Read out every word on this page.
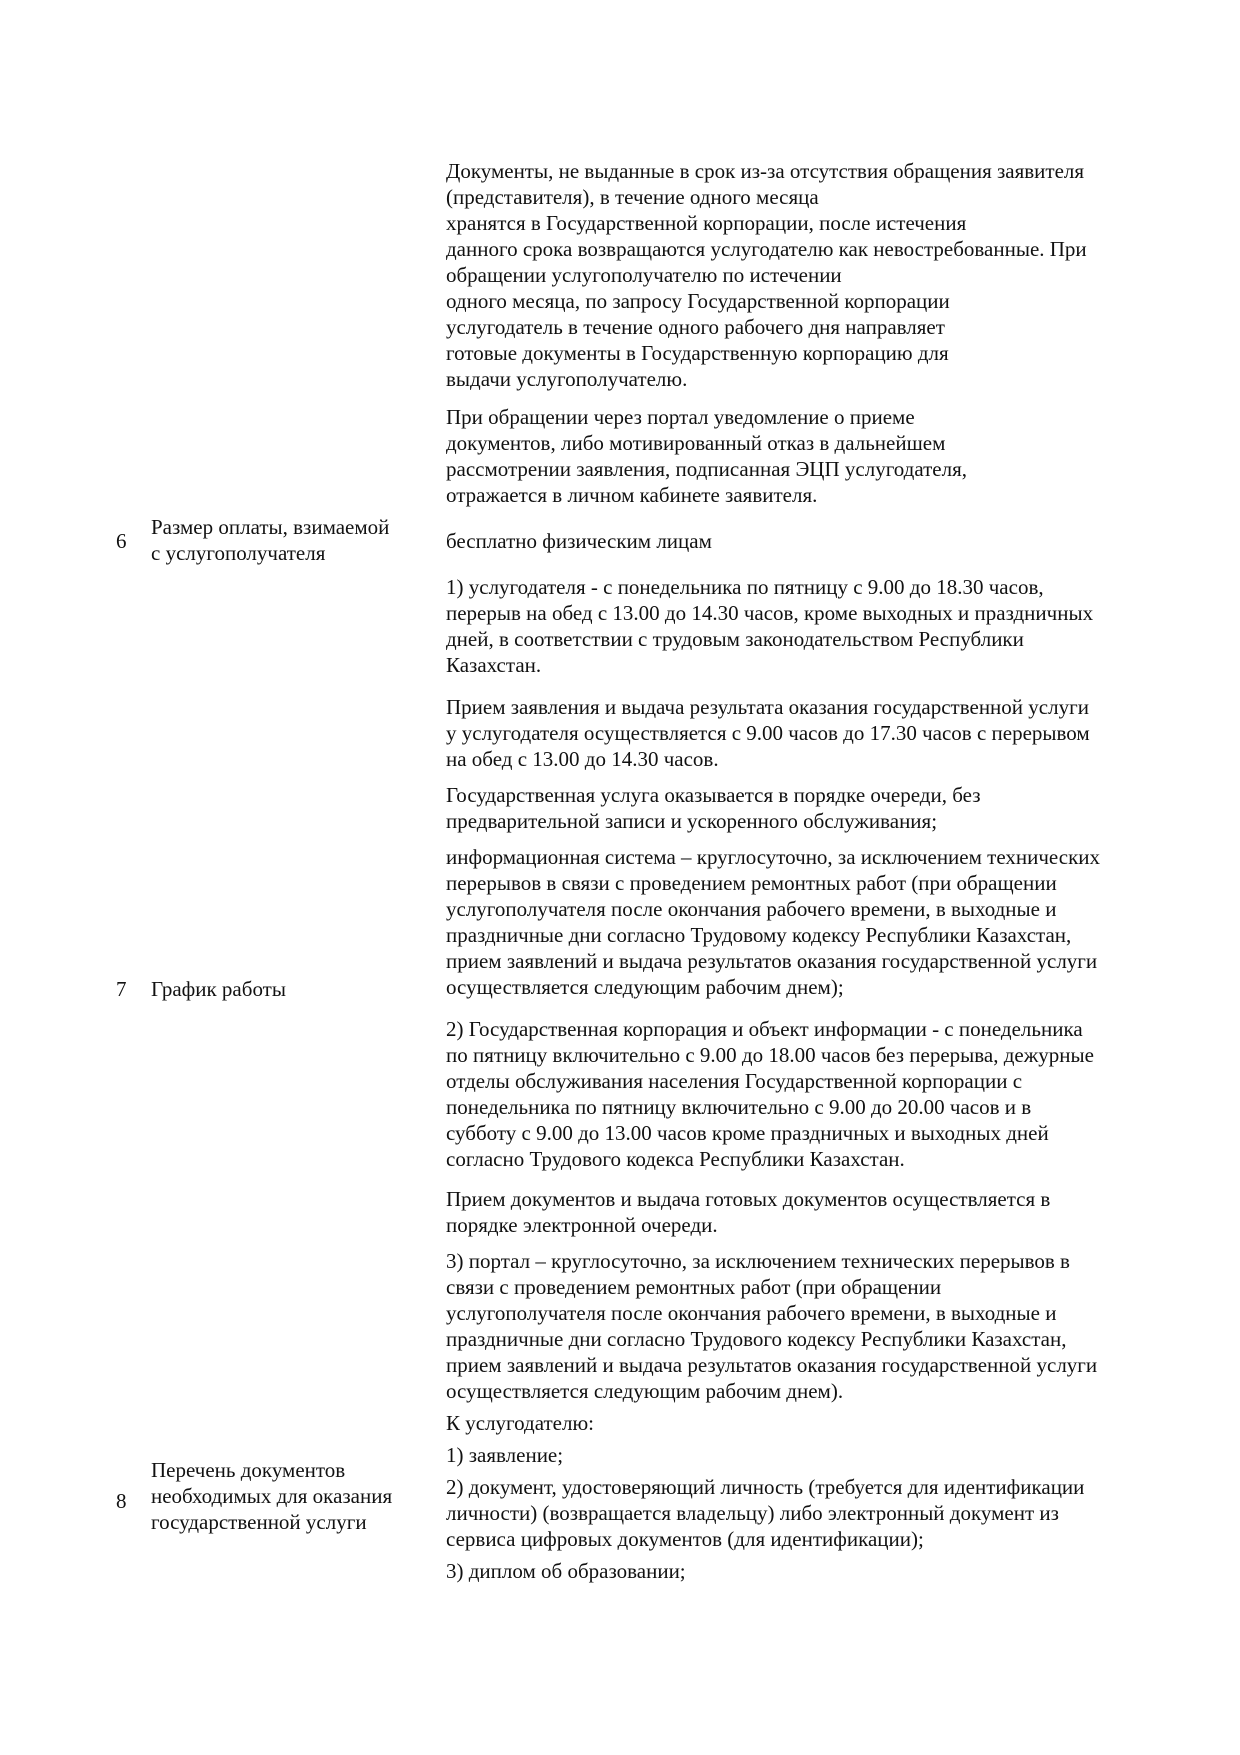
6
7
8
Размер оплаты, взимаемой
с услугополучателя
График работы
Перечень документов
необходимых для оказания
государственной услуги
Документы, не выданные в срок из-за отсутствия обращения заявителя
(представителя), в течение одного месяца
хранятся в Государственной корпорации, после истечения
данного срока возвращаются услугодателю как невостребованные. При
обращении услугополучателю по истечении
одного месяца, по запросу Государственной корпорации
услугодатель в течение одного рабочего дня направляет
готовые документы в Государственную корпорацию для
выдачи услугополучателю.
При обращении через портал уведомление о приеме
документов, либо мотивированный отказ в дальнейшем
рассмотрении заявления, подписанная ЭЦП услугодателя,
отражается в личном кабинете заявителя.
бесплатно физическим лицам
1) услугодателя - с понедельника по пятницу с 9.00 до 18.30 часов,
перерыв на обед с 13.00 до 14.30 часов, кроме выходных и праздничных
дней, в соответствии с трудовым законодательством Республики
Казахстан.
Прием заявления и выдача результата оказания государственной услуги
у услугодателя осуществляется с 9.00 часов до 17.30 часов с перерывом
на обед с 13.00 до 14.30 часов.
Государственная услуга оказывается в порядке очереди, без
предварительной записи и ускоренного обслуживания;
информационная система – круглосуточно, за исключением технических
перерывов в связи с проведением ремонтных работ (при обращении
услугополучателя после окончания рабочего времени, в выходные и
праздничные дни согласно Трудовому кодексу Республики Казахстан,
прием заявлений и выдача результатов оказания государственной услуги
осуществляется следующим рабочим днем);
2) Государственная корпорация и объект информации - с понедельника
по пятницу включительно с 9.00 до 18.00 часов без перерыва, дежурные
отделы обслуживания населения Государственной корпорации с
понедельника по пятницу включительно с 9.00 до 20.00 часов и в
субботу с 9.00 до 13.00 часов кроме праздничных и выходных дней
согласно Трудового кодекса Республики Казахстан.
Прием документов и выдача готовых документов осуществляется в
порядке электронной очереди.
3) портал – круглосуточно, за исключением технических перерывов в
связи с проведением ремонтных работ (при обращении
услугополучателя после окончания рабочего времени, в выходные и
праздничные дни согласно Трудового кодексу Республики Казахстан,
прием заявлений и выдача результатов оказания государственной услуги
осуществляется следующим рабочим днем).
К услугодателю:
1) заявление;
2) документ, удостоверяющий личность (требуется для идентификации
личности) (возвращается владельцу) либо электронный документ из
сервиса цифровых документов (для идентификации);
3) диплом об образовании;
